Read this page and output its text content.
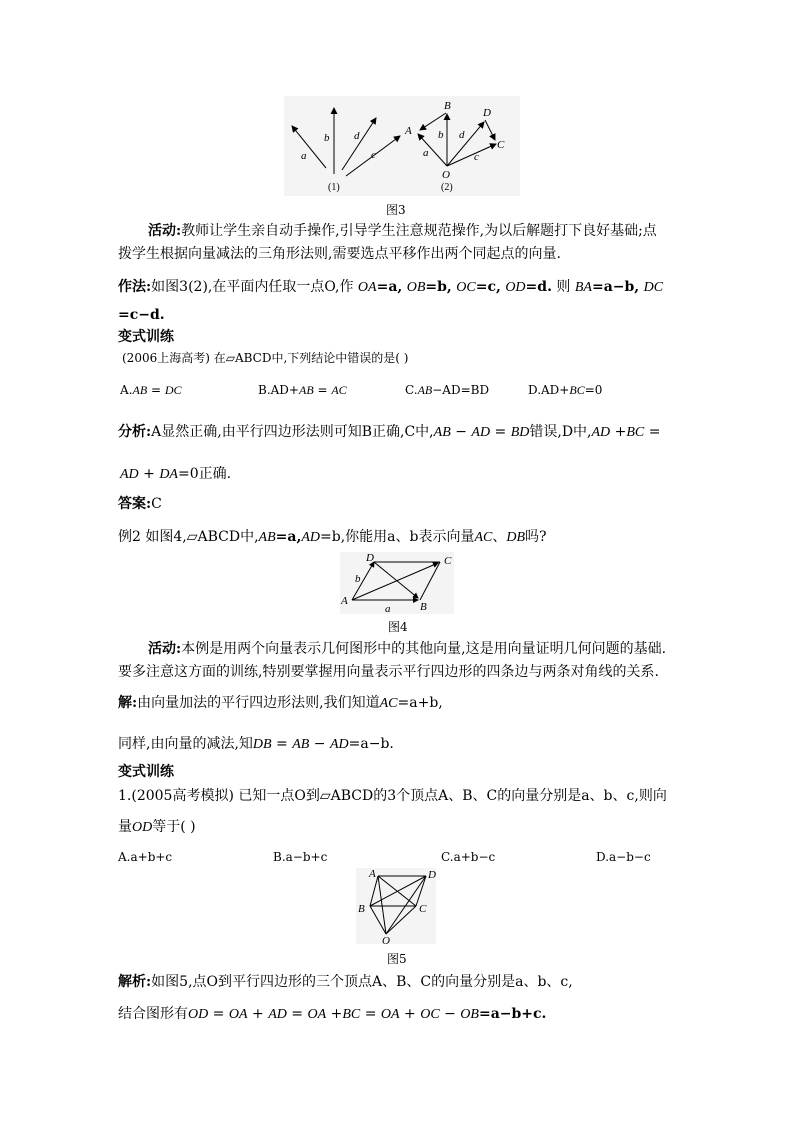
a
b d
c
(1)
B
A
D
C
O
a
b d
c
(2)
图3
活动:教师让学生亲自动手操作,引导学生注意规范操作,为以后解题打下良好基础;点
拨学生根据向量减法的三角形法则,需要选点平移作出两个同起点的向量.
作法:如图3(2),在平面内任取一点O,作 OA=a, OB=b, OC=c, OD=d. 则 BA=a−b, DC
=c−d.
变式训练
(2006上海高考) 在▱ABCD中,下列结论中错误的是( )
A.AB = DC	B.AD+AB = AC	C.AB−AD=BD	D.AD+BC=0
分析:A显然正确,由平行四边形法则可知B正确,C中,AB − AD = BD错误,D中,AD +BC =
AD + DA=0正确.
答案:C
例2 如图4,▱ABCD中,AB=a,AD=b,你能用a、b表示向量AC、DB吗?
A	B
C
D
b
a
图4
活动:本例是用两个向量表示几何图形中的其他向量,这是用向量证明几何问题的基础.
要多注意这方面的训练,特别要掌握用向量表示平行四边形的四条边与两条对角线的关系.
解:由向量加法的平行四边形法则,我们知道AC=a+b,
同样,由向量的减法,知DB = AB − AD=a−b.
变式训练
1.(2005高考模拟) 已知一点O到▱ABCD的3个顶点A、B、C的向量分别是a、b、c,则向
量OD等于( )
A.a+b+c	B.a−b+c	C.a+b−c	D.a−b−c
A	D
B	C
O
图5
解析:如图5,点O到平行四边形的三个顶点A、B、C的向量分别是a、b、c,
结合图形有OD = OA + AD = OA +BC = OA + OC − OB=a−b+c.
